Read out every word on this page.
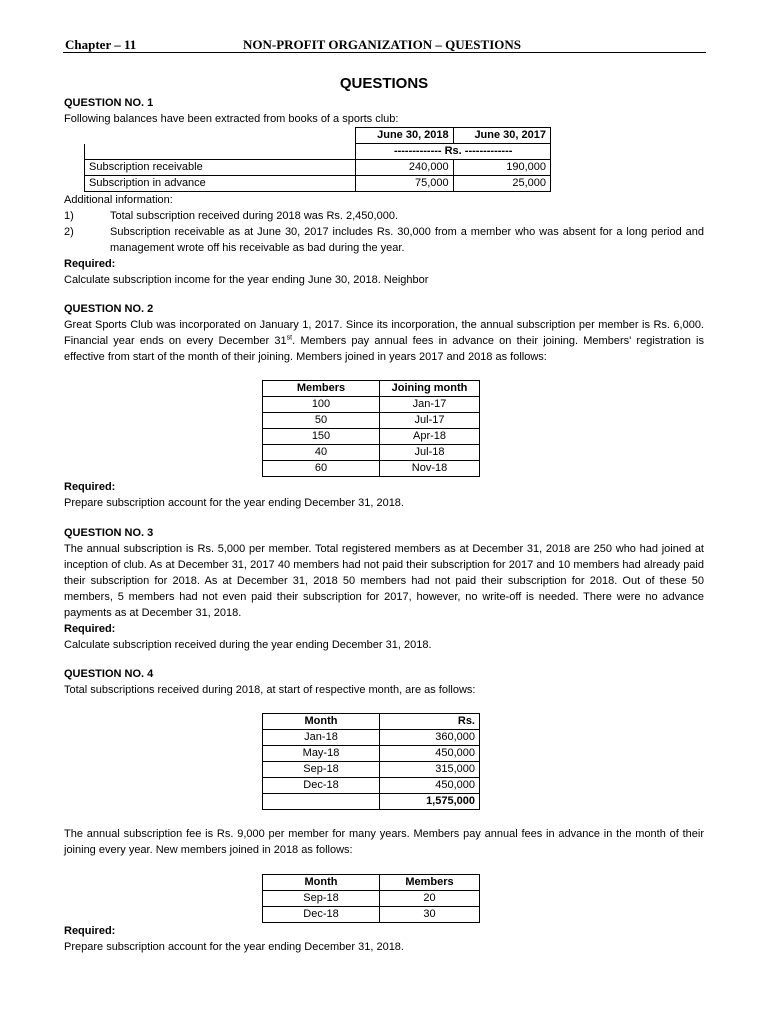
Chapter – 11	NON-PROFIT ORGANIZATION – QUESTIONS
QUESTIONS
QUESTION NO. 1
Following balances have been extracted from books of a sports club:
	June 30, 2018	June 30, 2017
	------------- Rs. -------------	
Subscription receivable	240,000	190,000
Subscription in advance	75,000	25,000
Additional information:
1)	Total subscription received during 2018 was Rs. 2,450,000.
2)	Subscription receivable as at June 30, 2017 includes Rs. 30,000 from a member who was absent for a long period and management wrote off his receivable as bad during the year.
Required:
Calculate subscription income for the year ending June 30, 2018. Neighbor
QUESTION NO. 2
Great Sports Club was incorporated on January 1, 2017. Since its incorporation, the annual subscription per member is Rs. 6,000. Financial year ends on every December 31st. Members pay annual fees in advance on their joining. Members' registration is effective from start of the month of their joining. Members joined in years 2017 and 2018 as follows:
Members	Joining month
100	Jan-17
50	Jul-17
150	Apr-18
40	Jul-18
60	Nov-18
Required:
Prepare subscription account for the year ending December 31, 2018.
QUESTION NO. 3
The annual subscription is Rs. 5,000 per member. Total registered members as at December 31, 2018 are 250 who had joined at inception of club. As at December 31, 2017 40 members had not paid their subscription for 2017 and 10 members had already paid their subscription for 2018. As at December 31, 2018 50 members had not paid their subscription for 2018. Out of these 50 members, 5 members had not even paid their subscription for 2017, however, no write-off is needed. There were no advance payments as at December 31, 2018.
Required:
Calculate subscription received during the year ending December 31, 2018.
QUESTION NO. 4
Total subscriptions received during 2018, at start of respective month, are as follows:
Month	Rs.
Jan-18	360,000
May-18	450,000
Sep-18	315,000
Dec-18	450,000
	1,575,000
The annual subscription fee is Rs. 9,000 per member for many years. Members pay annual fees in advance in the month of their joining every year. New members joined in 2018 as follows:
Month	Members
Sep-18	20
Dec-18	30
Required:
Prepare subscription account for the year ending December 31, 2018.
